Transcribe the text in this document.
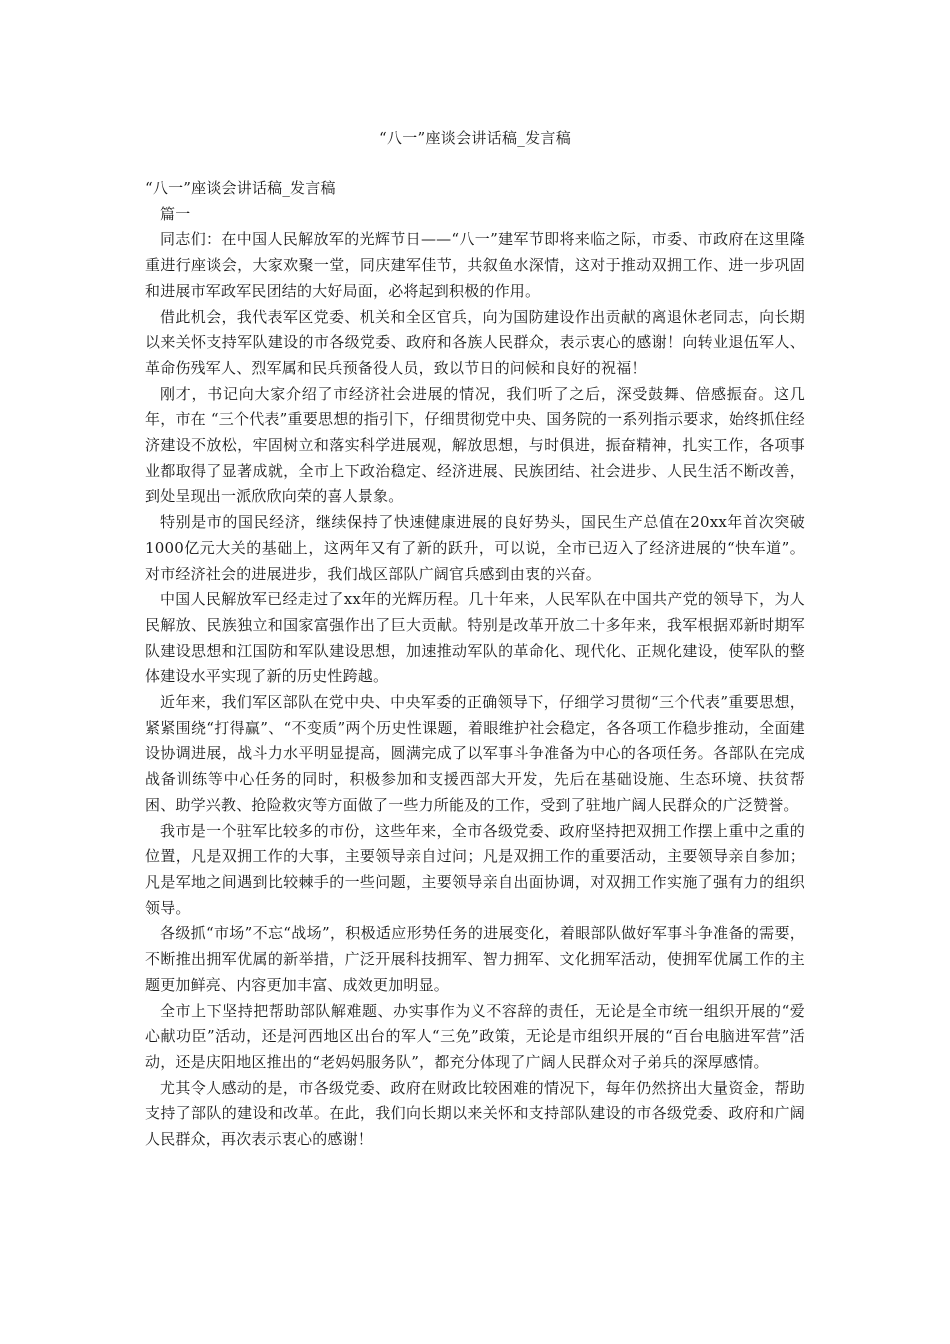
“八一”座谈会讲话稿_发言稿

“八一”座谈会讲话稿_发言稿

篇一

同志们：在中国人民解放军的光辉节日——“八一”建军节即将来临之际，市委、市政府在这里隆重进行座谈会，大家欢聚一堂，同庆建军佳节，共叙鱼水深情，这对于推动双拥工作、进一步巩固和进展市军政军民团结的大好局面，必将起到积极的作用。

借此机会，我代表军区党委、机关和全区官兵，向为国防建设作出贡献的离退休老同志，向长期以来关怀支持军队建设的市各级党委、政府和各族人民群众，表示衷心的感谢！向转业退伍军人、革命伤残军人、烈军属和民兵预备役人员，致以节日的问候和良好的祝福！

刚才，书记向大家介绍了市经济社会进展的情况，我们听了之后，深受鼓舞、倍感振奋。这几年，市在 “三个代表”重要思想的指引下，仔细贯彻党中央、国务院的一系列指示要求，始终抓住经济建设不放松，牢固树立和落实科学进展观，解放思想，与时俱进，振奋精神，扎实工作，各项事业都取得了显著成就，全市上下政治稳定、经济进展、民族团结、社会进步、人民生活不断改善，到处呈现出一派欣欣向荣的喜人景象。

特别是市的国民经济，继续保持了快速健康进展的良好势头，国民生产总值在20xx年首次突破 1000亿元大关的基础上，这两年又有了新的跃升，可以说，全市已迈入了经济进展的“快车道”。对市经济社会的进展进步，我们战区部队广阔官兵感到由衷的兴奋。

中国人民解放军已经走过了xx年的光辉历程。几十年来，人民军队在中国共产党的领导下，为人民解放、民族独立和国家富强作出了巨大贡献。特别是改革开放二十多年来，我军根据邓新时期军队建设思想和江国防和军队建设思想，加速推动军队的革命化、现代化、正规化建设，使军队的整体建设水平实现了新的历史性跨越。

近年来，我们军区部队在党中央、中央军委的正确领导下，仔细学习贯彻“三个代表”重要思想，紧紧围绕“打得赢”、“不变质”两个历史性课题，着眼维护社会稳定，各各项工作稳步推动，全面建设协调进展，战斗力水平明显提高，圆满完成了以军事斗争准备为中心的各项任务。各部队在完成战备训练等中心任务的同时，积极参加和支援西部大开发，先后在基础设施、生态环境、扶贫帮困、助学兴教、抢险救灾等方面做了一些力所能及的工作，受到了驻地广阔人民群众的广泛赞誉。

我市是一个驻军比较多的市份，这些年来，全市各级党委、政府坚持把双拥工作摆上重中之重的位置，凡是双拥工作的大事，主要领导亲自过问；凡是双拥工作的重要活动，主要领导亲自参加；凡是军地之间遇到比较棘手的一些问题，主要领导亲自出面协调，对双拥工作实施了强有力的组织领导。

各级抓“市场”不忘“战场”，积极适应形势任务的进展变化，着眼部队做好军事斗争准备的需要，不断推出拥军优属的新举措，广泛开展科技拥军、智力拥军、文化拥军活动，使拥军优属工作的主题更加鲜亮、内容更加丰富、成效更加明显。

全市上下坚持把帮助部队解难题、办实事作为义不容辞的责任，无论是全市统一组织开展的“爱心献功臣”活动，还是河西地区出台的军人“三免”政策，无论是市组织开展的“百台电脑进军营”活动，还是庆阳地区推出的“老妈妈服务队”，都充分体现了广阔人民群众对子弟兵的深厚感情。

尤其令人感动的是，市各级党委、政府在财政比较困难的情况下，每年仍然挤出大量资金，帮助支持了部队的建设和改革。在此，我们向长期以来关怀和支持部队建设的市各级党委、政府和广阔人民群众，再次表示衷心的感谢！
